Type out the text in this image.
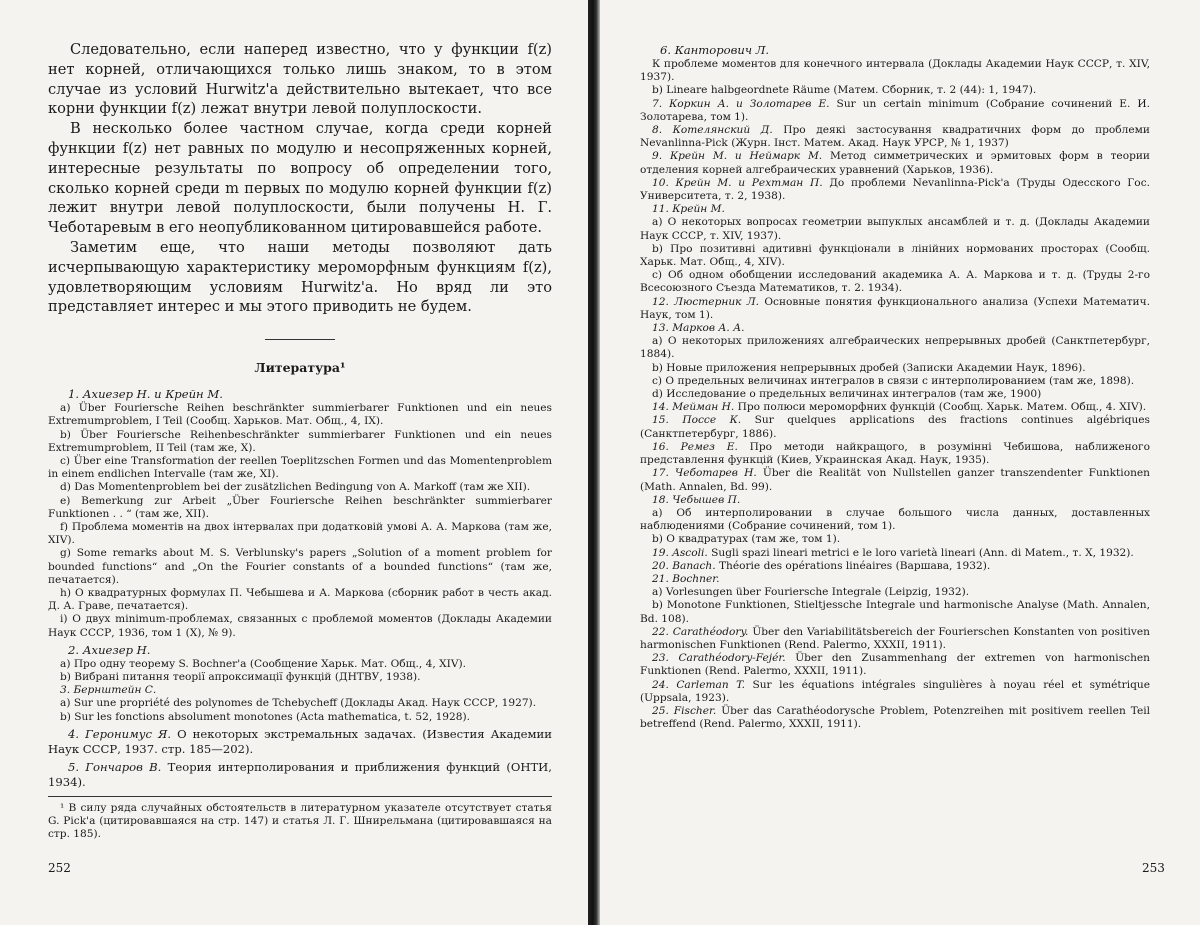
Следовательно, если наперед известно, что у функции f(z) нет корней, отличающихся только лишь знаком, то в этом случае из условий Hurwitz'а действительно вытекает, что все корни функции f(z) лежат внутри левой полуплоскости.

В несколько более частном случае, когда среди корней функции f(z) нет равных по модулю и несопряженных корней, интересные результаты по вопросу об определении того, сколько корней среди m первых по модулю корней функции f(z) лежит внутри левой полуплоскости, были получены Н. Г. Чеботаревым в его неопубликованном цитировавшейся работе.

Заметим еще, что наши методы позволяют дать исчерпывающую характеристику мероморфным функциям f(z), удовлетворяющим условиям Hurwitz'а. Но вряд ли это представляет интерес и мы этого приводить не будем.

Литература¹

1. Ахиезер Н. и Крейн М.

a) Über Fouriersche Reihen beschränkter summierbarer Funktionen und ein neues Extremumproblem, I Teil (Сообщ. Харьков. Мат. Общ., 4, IX).

b) Über Fouriersche Reihenbeschränkter summierbarer Funktionen und ein neues Extremumproblem, II Teil (там же, X).

c) Über eine Transformation der reellen Toeplitzschen Formen und das Momentenproblem in einem endlichen Intervalle (там же, XI).

d) Das Momentenproblem bei der zusätzlichen Bedingung von A. Markoff (там же XII).

e) Bemerkung zur Arbeit „Über Fouriersche Reihen beschränkter summierbarer Funktionen . . “ (там же, XII).

f) Проблема моментів на двох інтервалах при додатковій умові А. А. Маркова (там же, XIV).

g) Some remarks about M. S. Verblunsky's papers „Solution of a moment problem for bounded functions“ and „On the Fourier constants of a bounded functions“ (там же, печатается).

h) О квадратурных формулах П. Чебышева и А. Маркова (сборник работ в честь акад. Д. А. Граве, печатается).

i) О двух minimum-проблемах, связанных с проблемой моментов (Доклады Академии Наук СССР, 1936, том 1 (X), № 9).

2. Ахиезер Н.

a) Про одну теорему S. Bochner'а (Сообщение Харьк. Мат. Общ., 4, XIV).

b) Вибрані питання теорії апроксимації функцій (ДНТВУ, 1938).

3. Бернштейн С.

a) Sur une propriété des polynomes de Tchebycheff (Доклады Акад. Наук СССР, 1927).

b) Sur les fonctions absolument monotones (Acta mathematica, t. 52, 1928).

4. Геронимус Я. О некоторых экстремальных задачах. (Известия Академии Наук СССР, 1937. стр. 185—202).

5. Гончаров В. Теория интерполирования и приближения функций (ОНТИ, 1934).

¹ В силу ряда случайных обстоятельств в литературном указателе отсутствует статья G. Pick'а (цитировавшаяся на стр. 147) и статья Л. Г. Шнирельмана (цитировавшаяся на стр. 185).
252

6. Канторович Л.

К проблеме моментов для конечного интервала (Доклады Академии Наук СССР, т. XIV, 1937).

b) Lineare halbgeordnete Räume (Матем. Сборник, т. 2 (44): 1, 1947).

7. Коркин А. и Золотарев Е. Sur un certain minimum (Собрание сочинений Е. И. Золотарева, том 1).

8. Котелянский Д. Про деякі застосування квадратичних форм до проблеми Nevanlinna-Pick (Журн. Інст. Матем. Акад. Наук УРСР, № 1, 1937)

9. Крейн М. и Неймарк М. Метод симметрических и эрмитовых форм в теории отделения корней алгебраических уравнений (Харьков, 1936).

10. Крейн М. и Рехтман П. До проблеми Nevanlinna-Pick'а (Труды Одесского Гос. Университета, т. 2, 1938).

11. Крейн М.

a) О некоторых вопросах геометрии выпуклых ансамблей и т. д. (Доклады Академии Наук СССР, т. XIV, 1937).

b) Про позитивні адитивні функціонали в лінійних нормованих просторах (Сообщ. Харьк. Мат. Общ., 4, XIV).

c) Об одном обобщении исследований академика А. А. Маркова и т. д. (Труды 2-го Всесоюзного Съезда Математиков, т. 2. 1934).

12. Люстерник Л. Основные понятия функционального анализа (Успехи Математич. Наук, том 1).

13. Марков А. А.

a) О некоторых приложениях алгебраических непрерывных дробей (Санктпетербург, 1884).

b) Новые приложения непрерывных дробей (Записки Академии Наук, 1896).

c) О предельных величинах интегралов в связи с интерполированием (там же, 1898).

d) Исследование о предельных величинах интегралов (там же, 1900)

14. Мейман Н. Про полюси мероморфних функцій (Сообщ. Харьк. Матем. Общ., 4. XIV).

15. Поссе К. Sur quelques applications des fractions continues algébriques (Санктпетербург, 1886).

16. Ремез Е. Про методи найкращого, в розумінні Чебишова, наближеного представлення функцій (Киев, Украинская Акад. Наук, 1935).

17. Чеботарев Н. Über die Realität von Nullstellen ganzer transzendenter Funktionen (Math. Annalen, Bd. 99).

18. Чебышев П.

a) Об интерполировании в случае большого числа данных, доставленных наблюдениями (Собрание сочинений, том 1).

b) О квадратурах (там же, том 1).

19. Ascoli. Sugli spazi lineari metrici e le loro varietà lineari (Ann. di Matem., т. X, 1932).

20. Banach. Théorie des opérations linéaires (Варшава, 1932).

21. Bochner.

a) Vorlesungen über Fouriersche Integrale (Leipzig, 1932).

b) Monotone Funktionen, Stieltjessche Integrale und harmonische Analyse (Math. Annalen, Bd. 108).

22. Carathéodory. Über den Variabilitätsbereich der Fourierschen Konstanten von positiven harmonischen Funktionen (Rend. Palermo, XXXII, 1911).

23. Carathéodory-Fejér. Über den Zusammenhang der extremen von harmonischen Funktionen (Rend. Palermo, XXXII, 1911).

24. Carleman T. Sur les équations intégrales singulières à noyau réel et symétrique (Uppsala, 1923).

25. Fischer. Über das Carathéodorysche Problem, Potenzreihen mit positivem reellen Teil betreffend (Rend. Palermo, XXXII, 1911).

253
